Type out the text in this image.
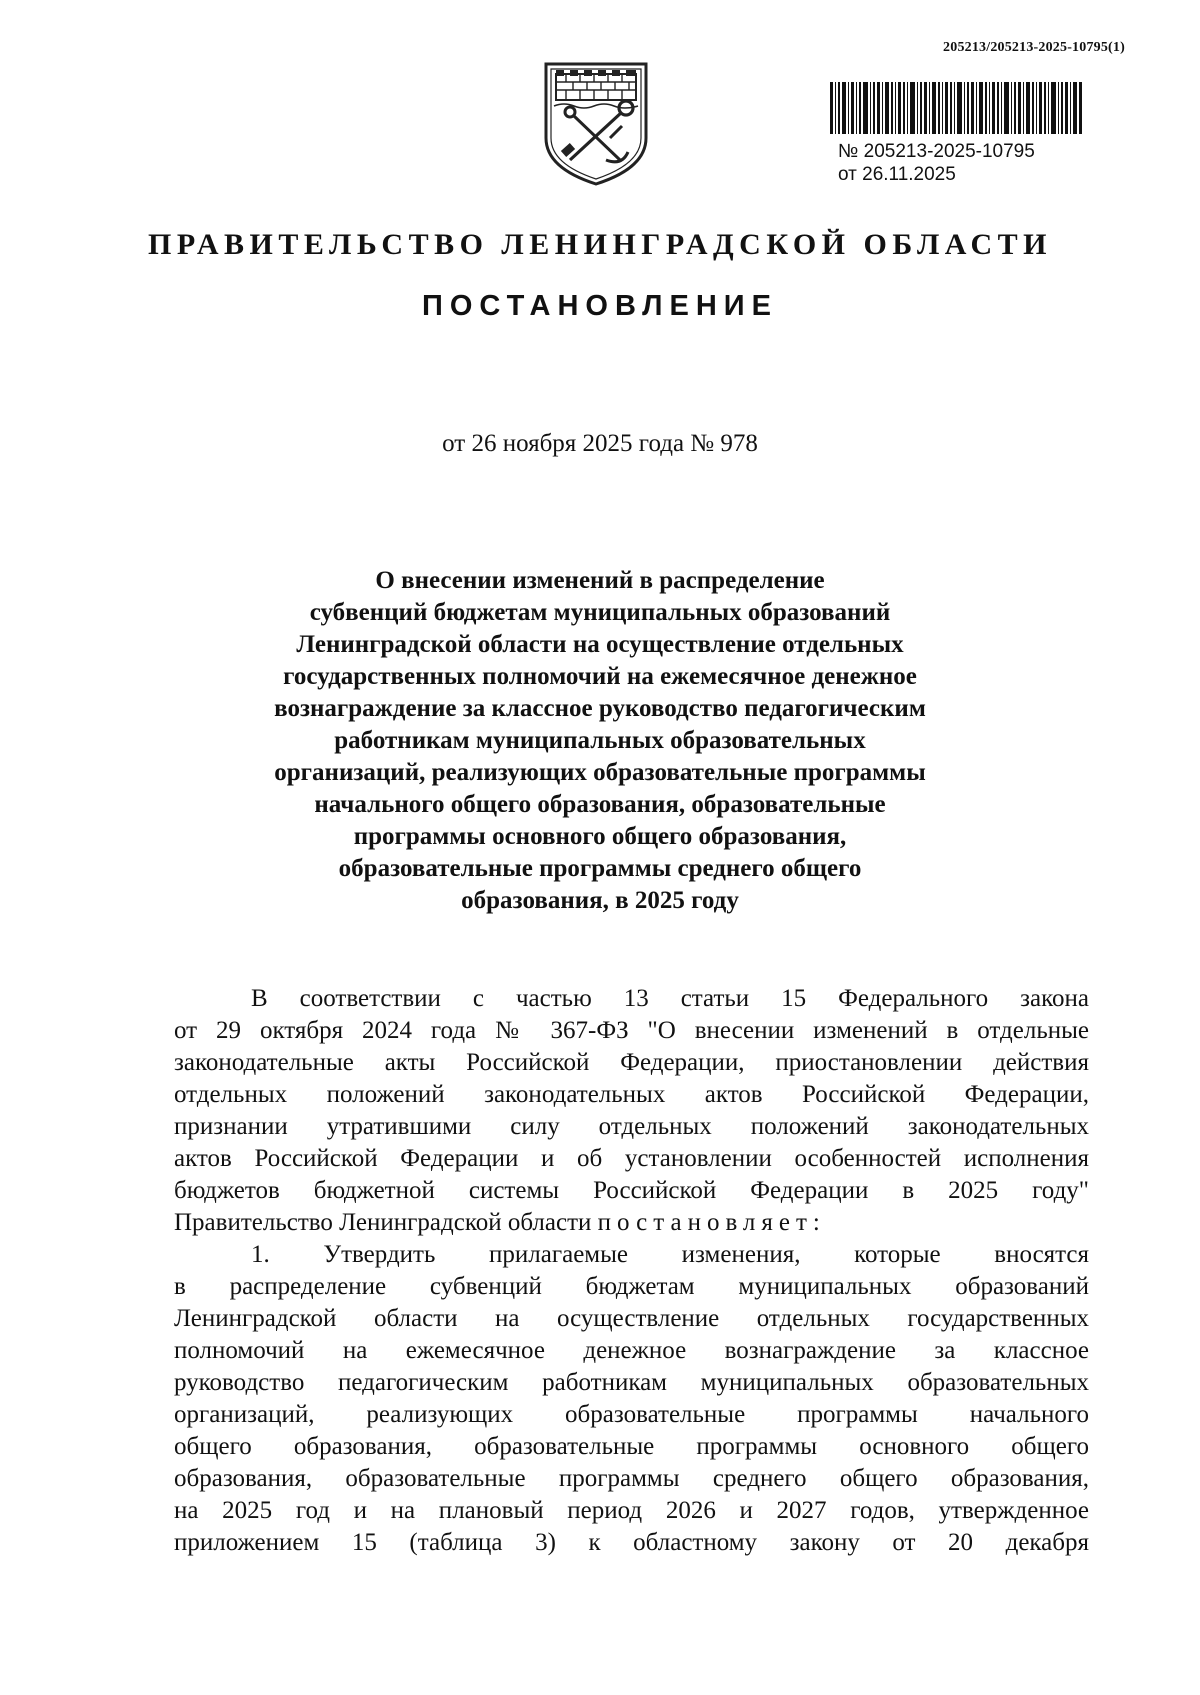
205213/205213-2025-10795(1)
№ 205213-2025-10795
от 26.11.2025
ПРАВИТЕЛЬСТВО ЛЕНИНГРАДСКОЙ ОБЛАСТИ
ПОСТАНОВЛЕНИЕ
от 26 ноября 2025 года № 978
О внесении изменений в распределение
субвенций бюджетам муниципальных образований
Ленинградской области на осуществление отдельных
государственных полномочий на ежемесячное денежное
вознаграждение за классное руководство педагогическим
работникам муниципальных образовательных
организаций, реализующих образовательные программы
начального общего образования, образовательные
программы основного общего образования,
образовательные программы среднего общего
образования, в 2025 году
В соответствии с частью 13 статьи 15 Федерального закона
от 29 октября 2024 года № 367-ФЗ "О внесении изменений в отдельные
законодательные акты Российской Федерации, приостановлении действия
отдельных положений законодательных актов Российской Федерации,
признании утратившими силу отдельных положений законодательных
актов Российской Федерации и об установлении особенностей исполнения
бюджетов бюджетной системы Российской Федерации в 2025 году"
Правительство Ленинградской области постановляет:
1. Утвердить прилагаемые изменения, которые вносятся
в распределение субвенций бюджетам муниципальных образований
Ленинградской области на осуществление отдельных государственных
полномочий на ежемесячное денежное вознаграждение за классное
руководство педагогическим работникам муниципальных образовательных
организаций, реализующих образовательные программы начального
общего образования, образовательные программы основного общего
образования, образовательные программы среднего общего образования,
на 2025 год и на плановый период 2026 и 2027 годов, утвержденное
приложением 15 (таблица 3) к областному закону от 20 декабря
